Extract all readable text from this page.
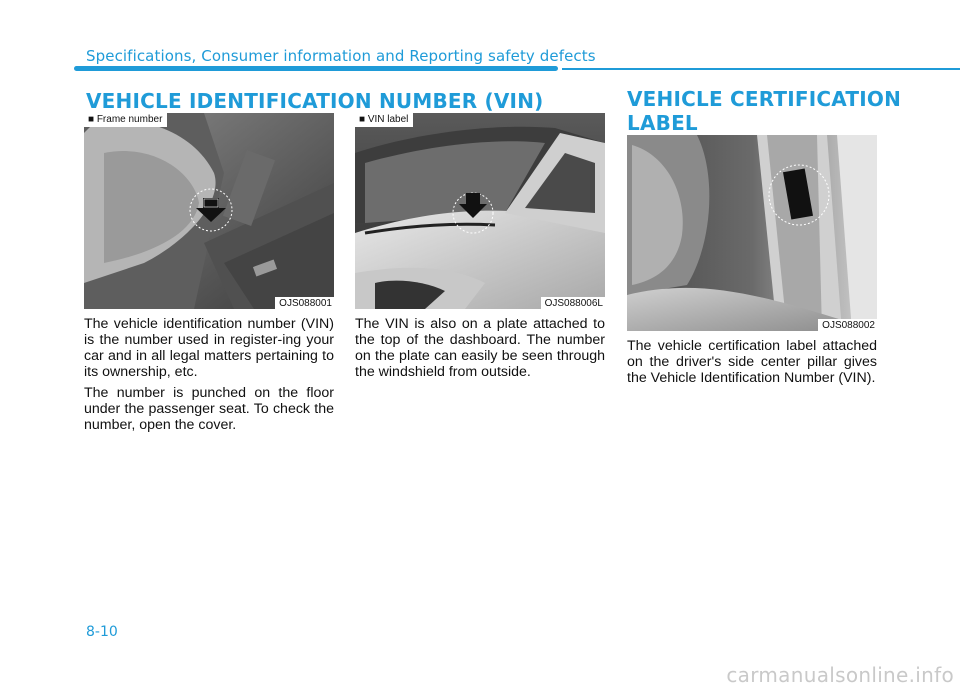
Specifications, Consumer information and Reporting safety defects
VEHICLE IDENTIFICATION NUMBER (VIN)
■ Frame number
OJS088001
■ VIN label
OJS088006L

The vehicle identification number (VIN) is the number used in register-ing your car and in all legal matters pertaining to its ownership, etc.

The number is punched on the floor under the passenger seat. To check the number, open the cover.

The VIN is also on a plate attached to the top of the dashboard. The number on the plate can easily be seen through the windshield from outside.

VEHICLE CERTIFICATION
LABEL
OJS088002

The vehicle certification label attached on the driver's side center pillar gives the Vehicle Identification Number (VIN).

8-10
carmanualsonline.info
